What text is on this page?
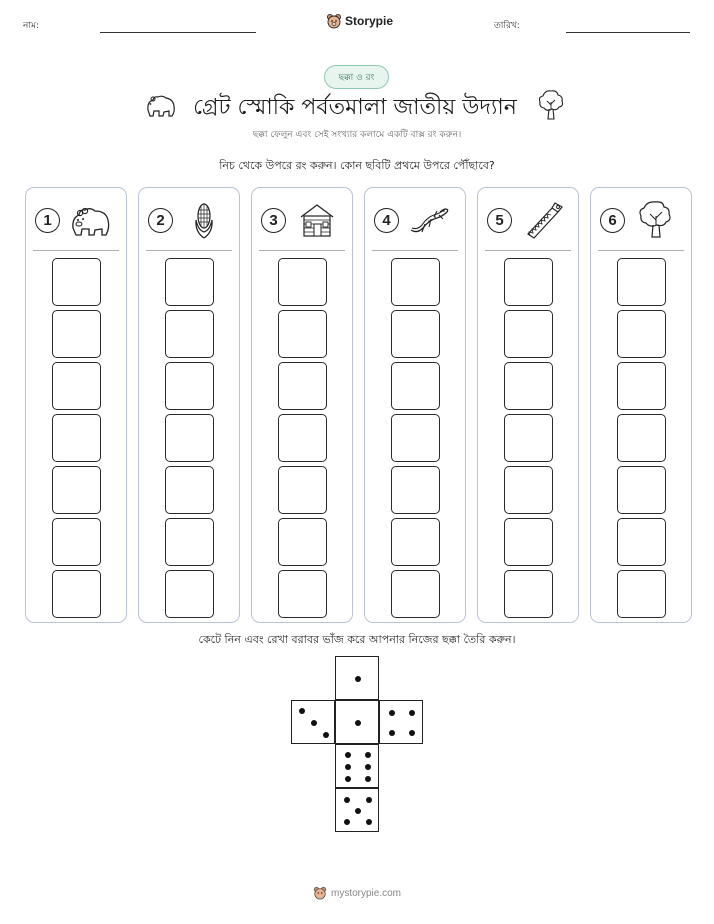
নাম:	Storypie	তারিখ:
ছক্কা ও রং
গ্রেট স্মোকি পর্বতমালা জাতীয় উদ্যান
ছক্কা ফেলুন এবং সেই সংখ্যার কলামে একটি বাক্স রং করুন।
নিচ থেকে উপরে রং করুন। কোন ছবিটি প্রথমে উপরে পৌঁছাবে?
1	2	3	4	5	6
কেটে নিন এবং রেখা বরাবর ভাঁজ করে আপনার নিজের ছক্কা তৈরি করুন।
mystorypie.com
